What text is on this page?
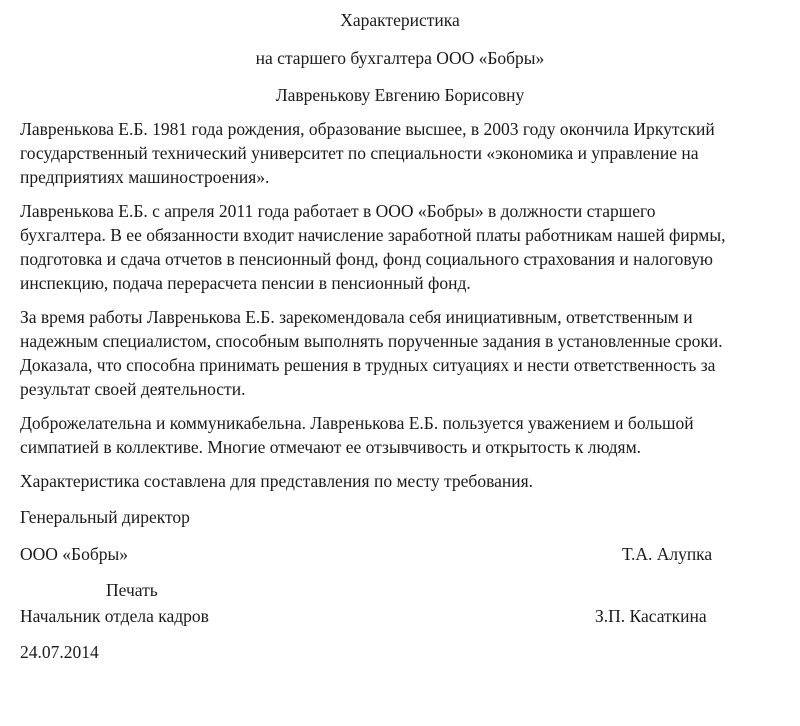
Характеристика

на старшего бухгалтера ООО «Бобры»

Лавренькову Евгению Борисовну

Лавренькова Е.Б. 1981 года рождения, образование высшее, в 2003 году окончила Иркутский

государственный технический университет по специальности «экономика и управление на

предприятиях машиностроения».

Лавренькова Е.Б. с апреля 2011 года работает в ООО «Бобры» в должности старшего

бухгалтера. В ее обязанности входит начисление заработной платы работникам нашей фирмы,

подготовка и сдача отчетов в пенсионный фонд, фонд социального страхования и налоговую

инспекцию, подача перерасчета пенсии в пенсионный фонд.

За время работы Лавренькова Е.Б. зарекомендовала себя инициативным, ответственным и

надежным специалистом, способным выполнять порученные задания в установленные сроки.

Доказала, что способна принимать решения в трудных ситуациях и нести ответственность за

результат своей деятельности.

Доброжелательна и коммуникабельна. Лавренькова Е.Б. пользуется уважением и большой

симпатией в коллективе. Многие отмечают ее отзывчивость и открытость к людям.

Характеристика составлена для представления по месту требования.

Генеральный директор

ООО «Бобры»	Т.А. Алупка

Печать

Начальник отдела кадров	З.П. Касаткина

24.07.2014
